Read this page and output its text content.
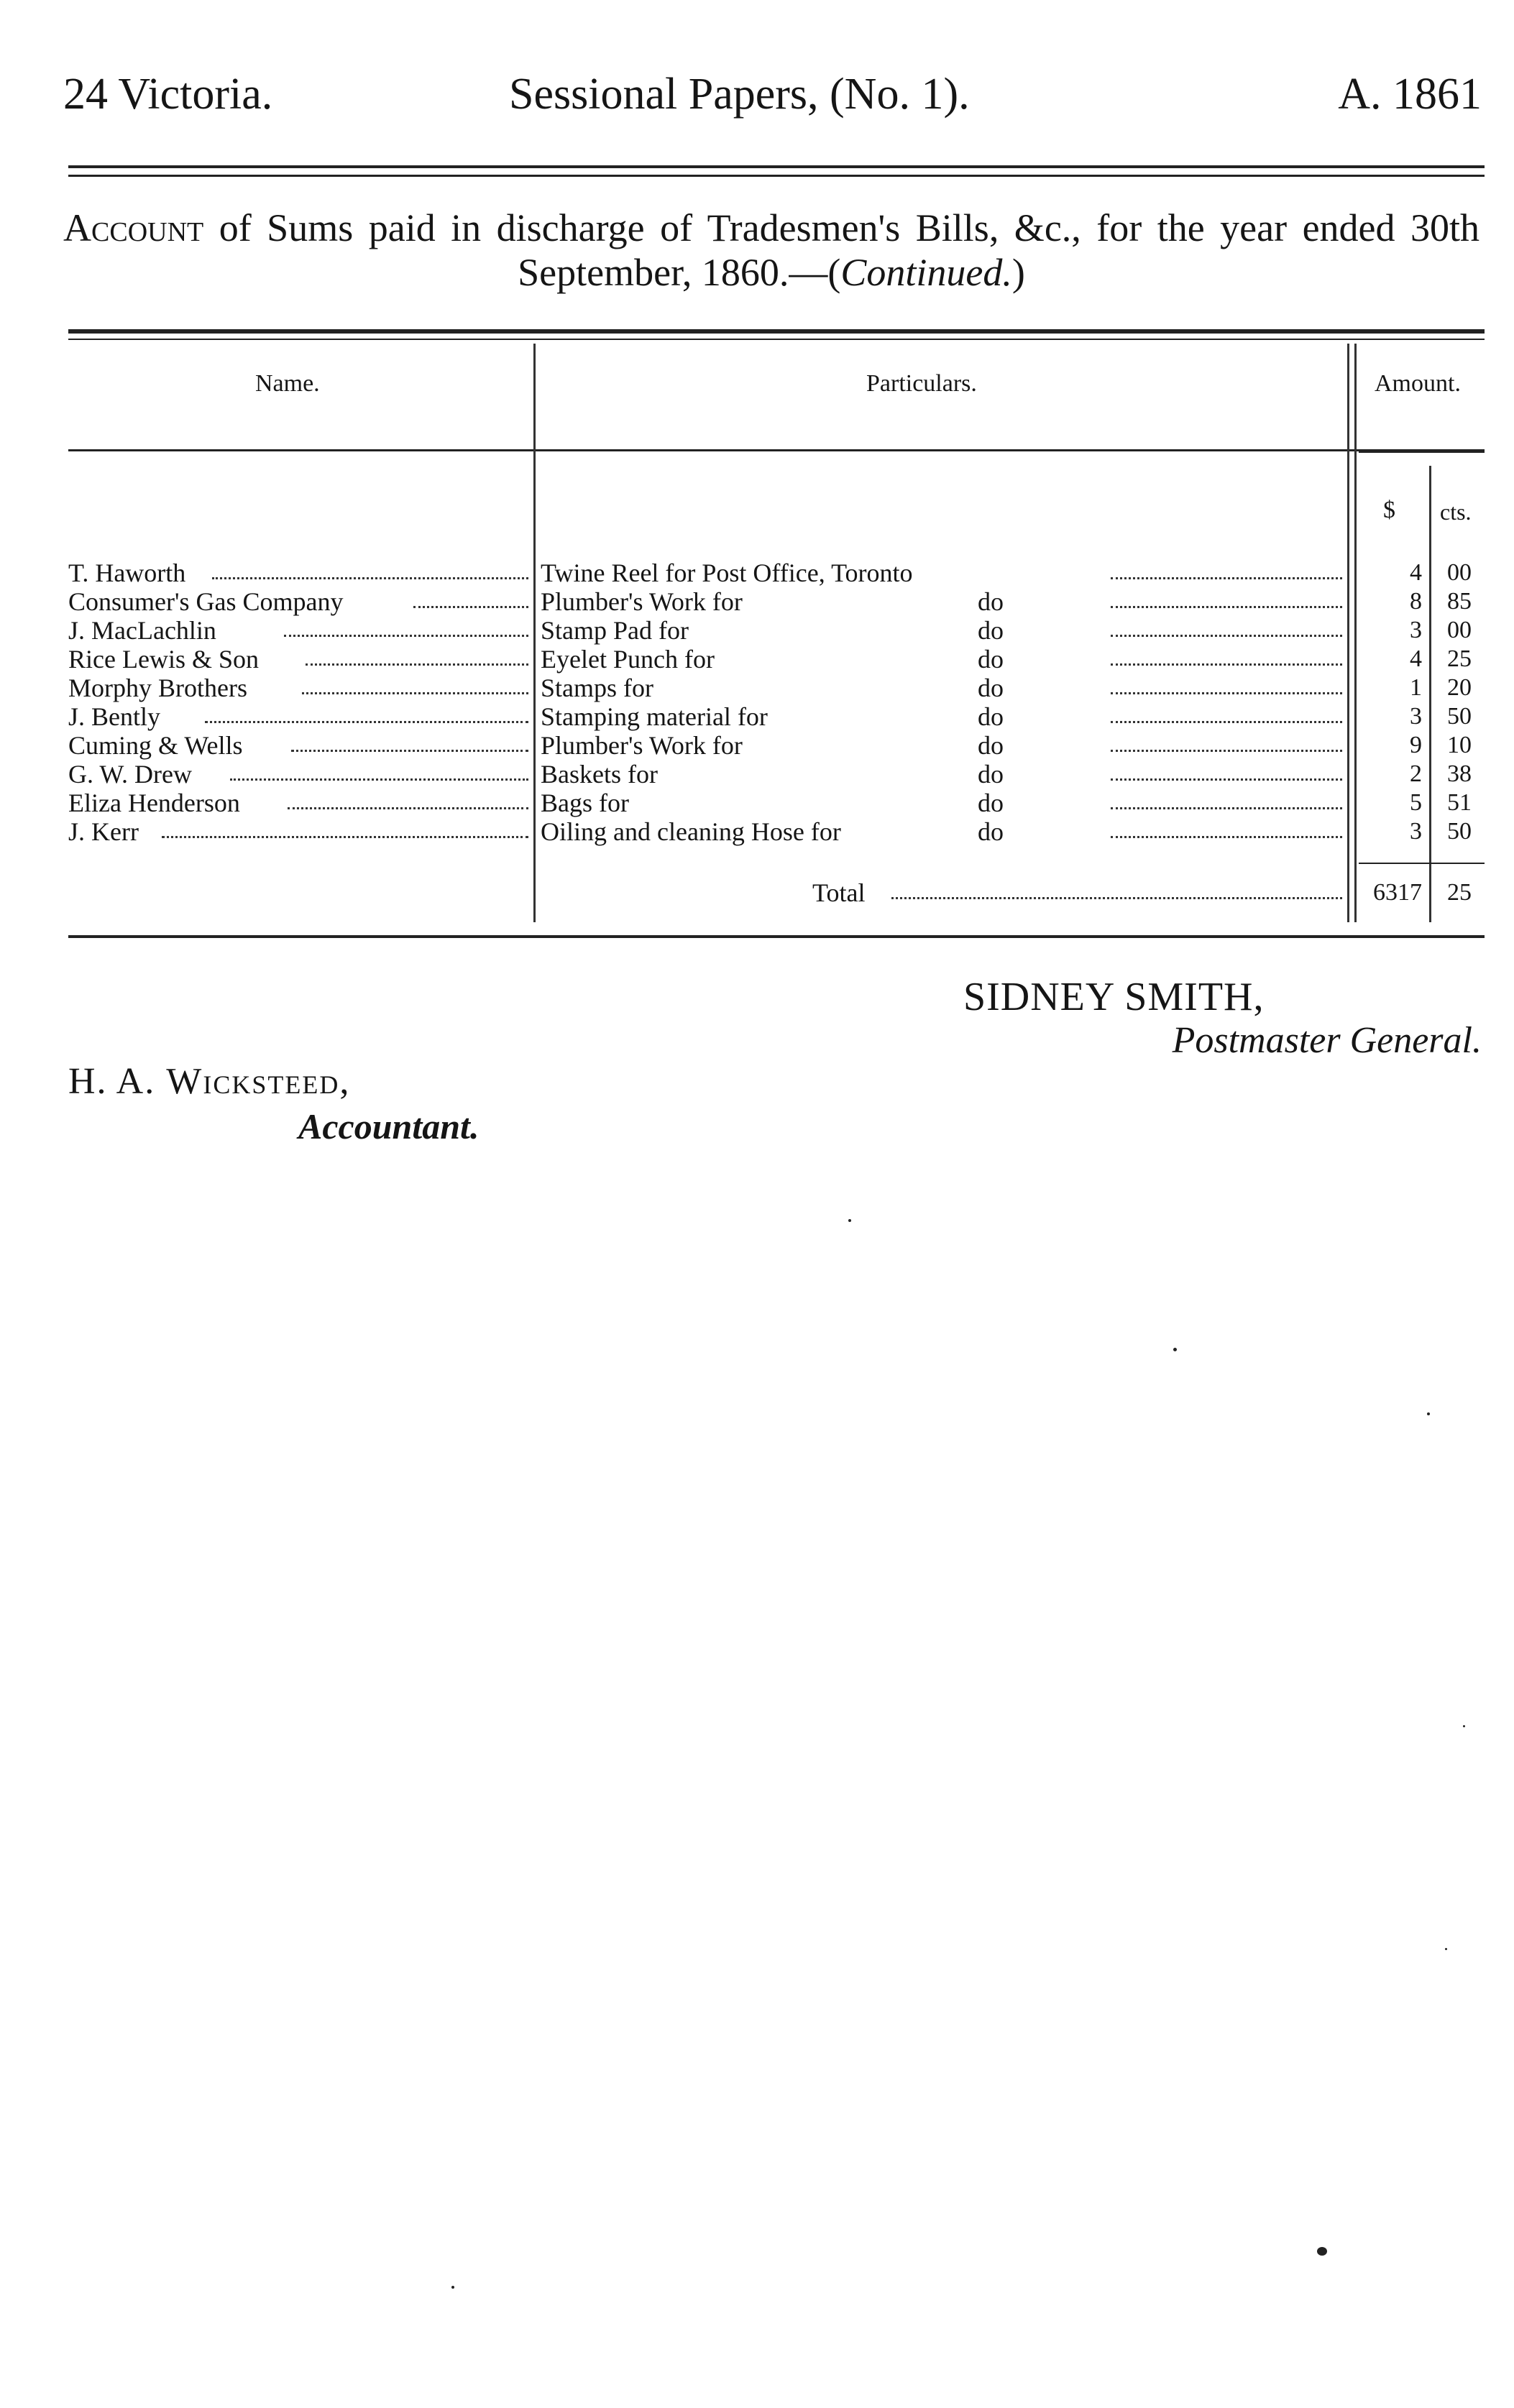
24 Victoria.	Sessional Papers, (No. 1).	A. 1861
Account of Sums paid in discharge of Tradesmen's Bills, &c., for the year ended 30th September, 1860.—(Continued.)
Name.	Particulars.	Amount.
$ cts.
T. Haworth	Twine Reel for Post Office, Toronto	4	00
Consumer's Gas Company	Plumber's Work for	do	8	85
J. MacLachlin	Stamp Pad for	do	3	00
Rice Lewis & Son	Eyelet Punch for	do	4	25
Morphy Brothers	Stamps for	do	1	20
J. Bently	Stamping material for	do	3	50
Cuming & Wells	Plumber's Work for	do	9	10
G. W. Drew	Baskets for	do	2	38
Eliza Henderson	Bags for	do	5	51
J. Kerr	Oiling and cleaning Hose for	do	3	50
Total	6317	25
SIDNEY SMITH,
Postmaster General.
H. A. Wicksteed,
Accountant.
